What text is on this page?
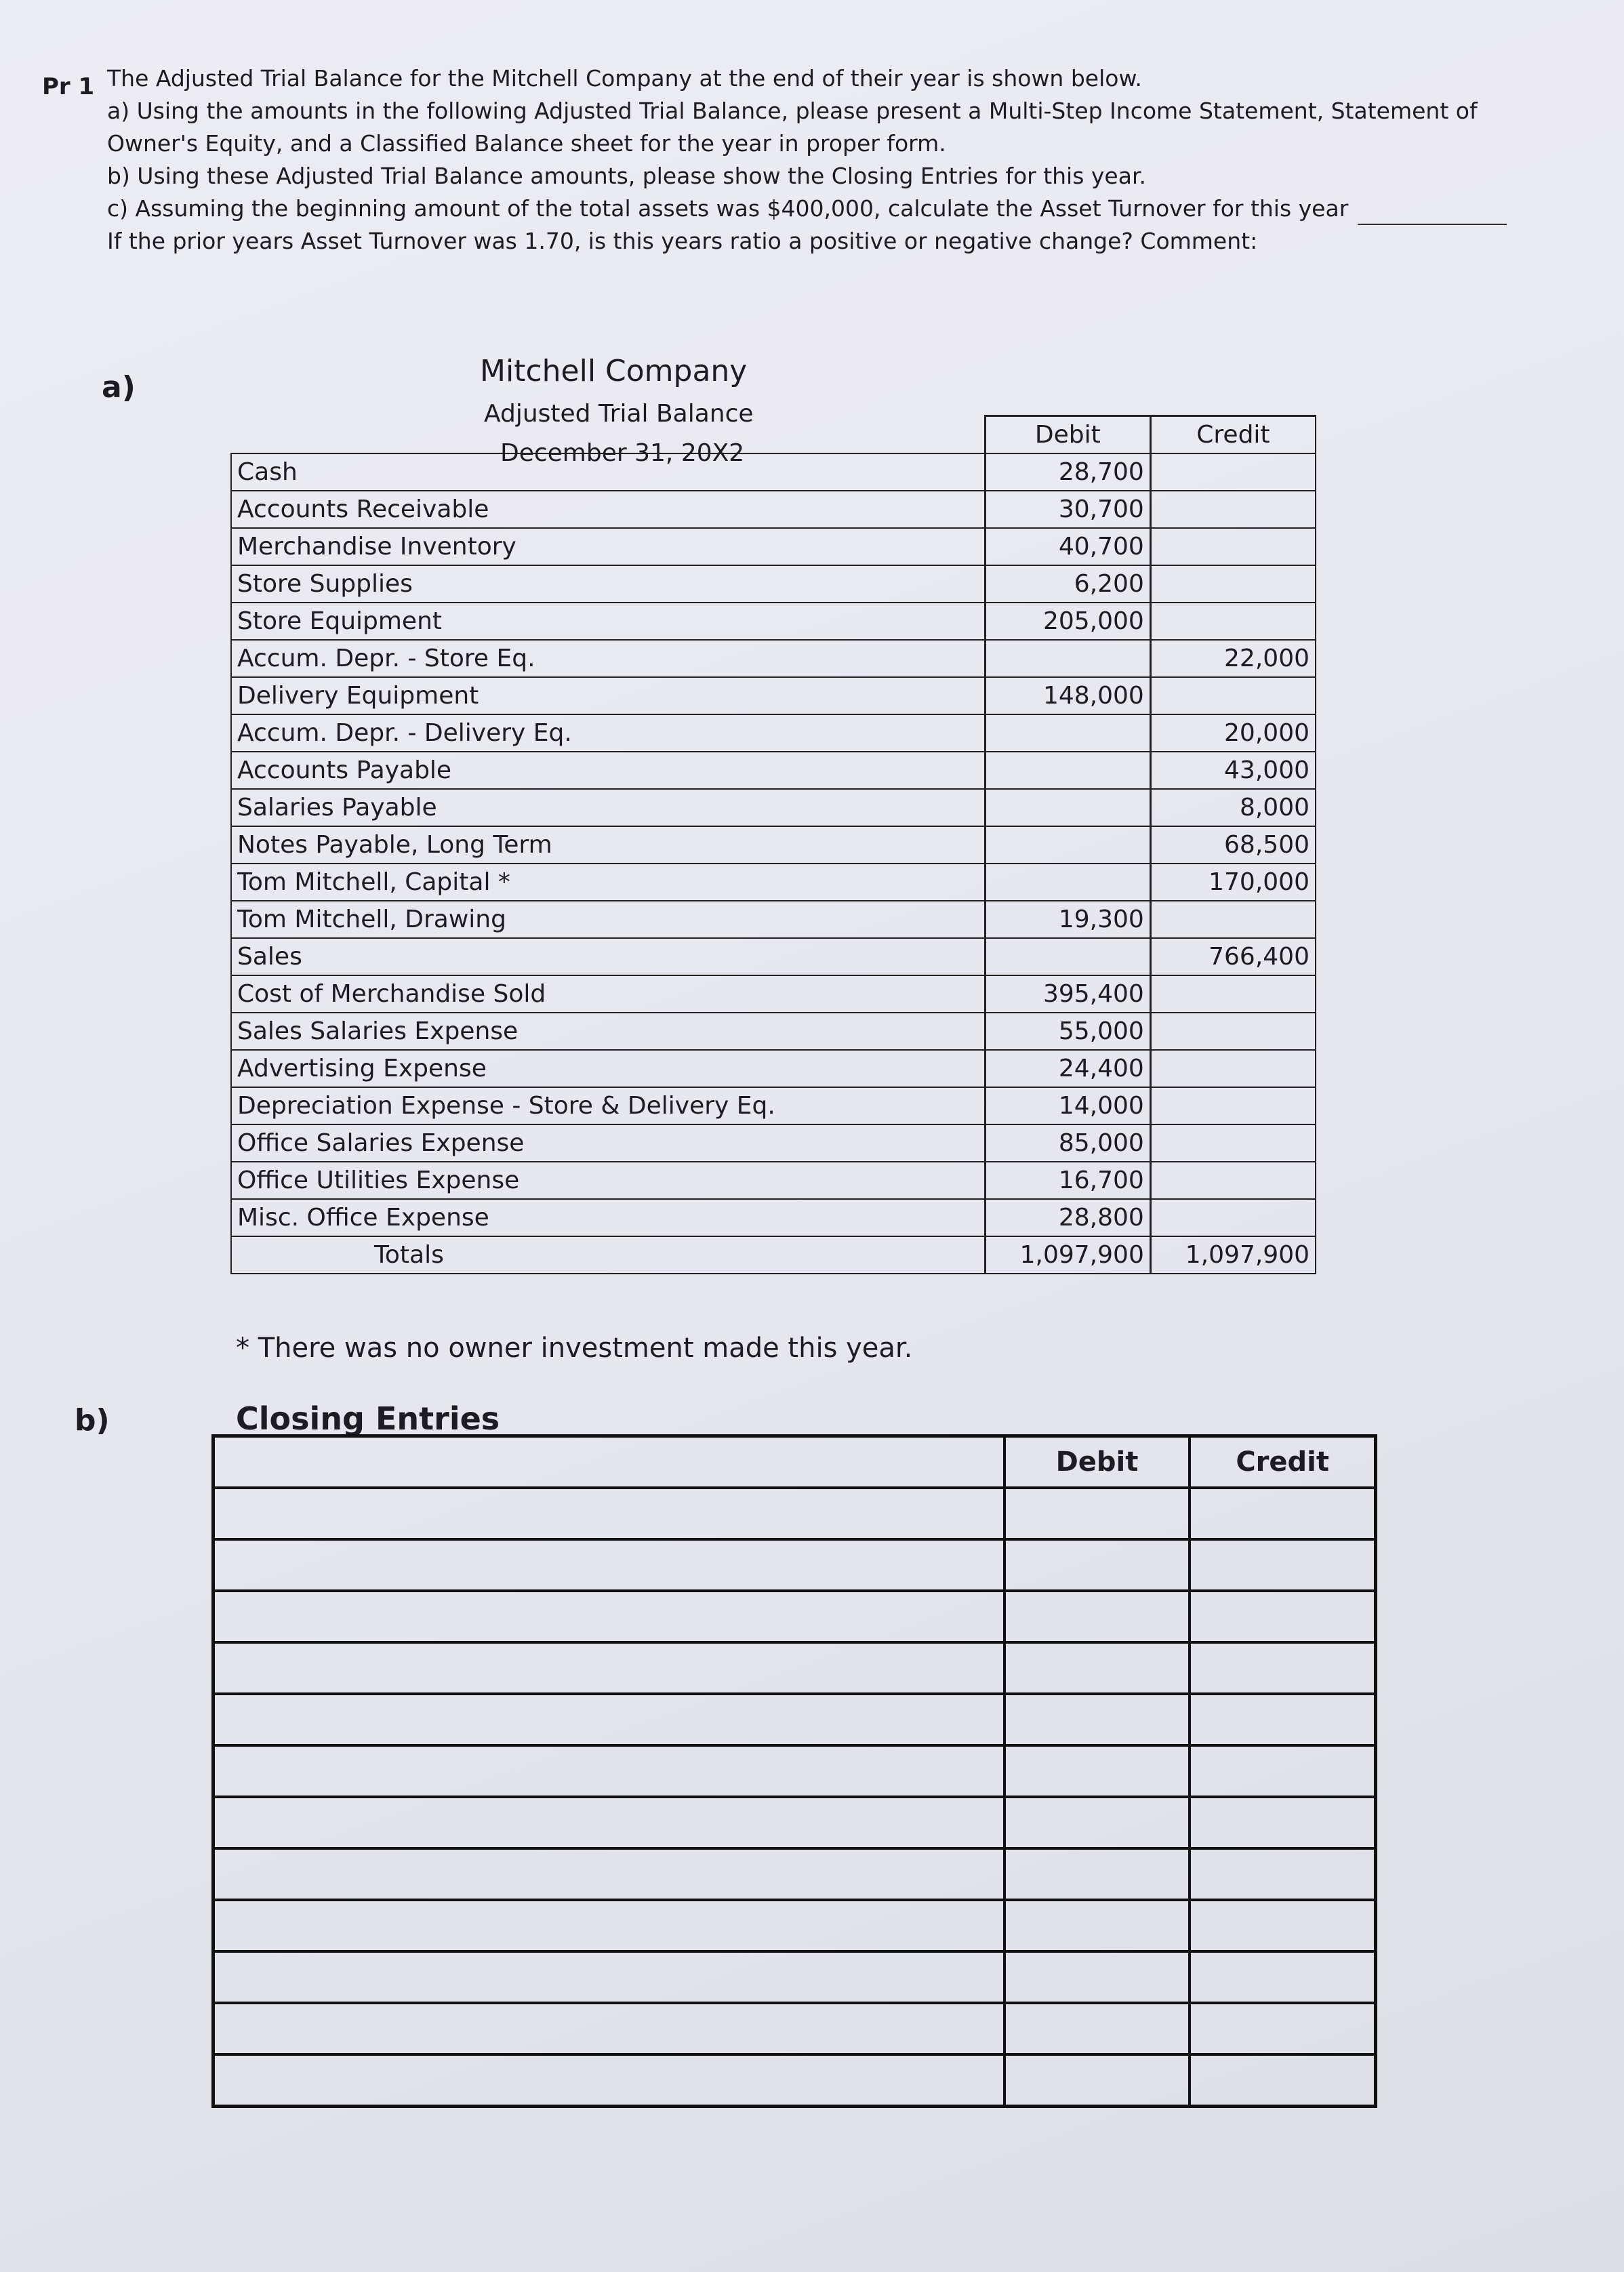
Pr 1 The Adjusted Trial Balance for the Mitchell Company at the end of their year is shown below.
a) Using the amounts in the following Adjusted Trial Balance, please present a Multi-Step Income Statement, Statement of
Owner's Equity, and a Classified Balance sheet for the year in proper form.
b) Using these Adjusted Trial Balance amounts, please show the Closing Entries for this year.
c) Assuming the beginning amount of the total assets was $400,000, calculate the Asset Turnover for this year
If the prior years Asset Turnover was 1.70, is this years ratio a positive or negative change? Comment:
a)	Mitchell Company
Adjusted Trial Balance
December 31, 20X2
	Debit	Credit
Cash	28,700	
Accounts Receivable	30,700	
Merchandise Inventory	40,700	
Store Supplies	6,200	
Store Equipment	205,000	
Accum. Depr. - Store Eq.		22,000
Delivery Equipment	148,000	
Accum. Depr. - Delivery Eq.		20,000
Accounts Payable		43,000
Salaries Payable		8,000
Notes Payable, Long Term		68,500
Tom Mitchell, Capital *		170,000
Tom Mitchell, Drawing	19,300	
Sales		766,400
Cost of Merchandise Sold	395,400	
Sales Salaries Expense	55,000	
Advertising Expense	24,400	
Depreciation Expense - Store & Delivery Eq.	14,000	
Office Salaries Expense	85,000	
Office Utilities Expense	16,700	
Misc. Office Expense	28,800	
Totals	1,097,900	1,097,900
* There was no owner investment made this year.
b)	Closing Entries
	Debit	Credit
